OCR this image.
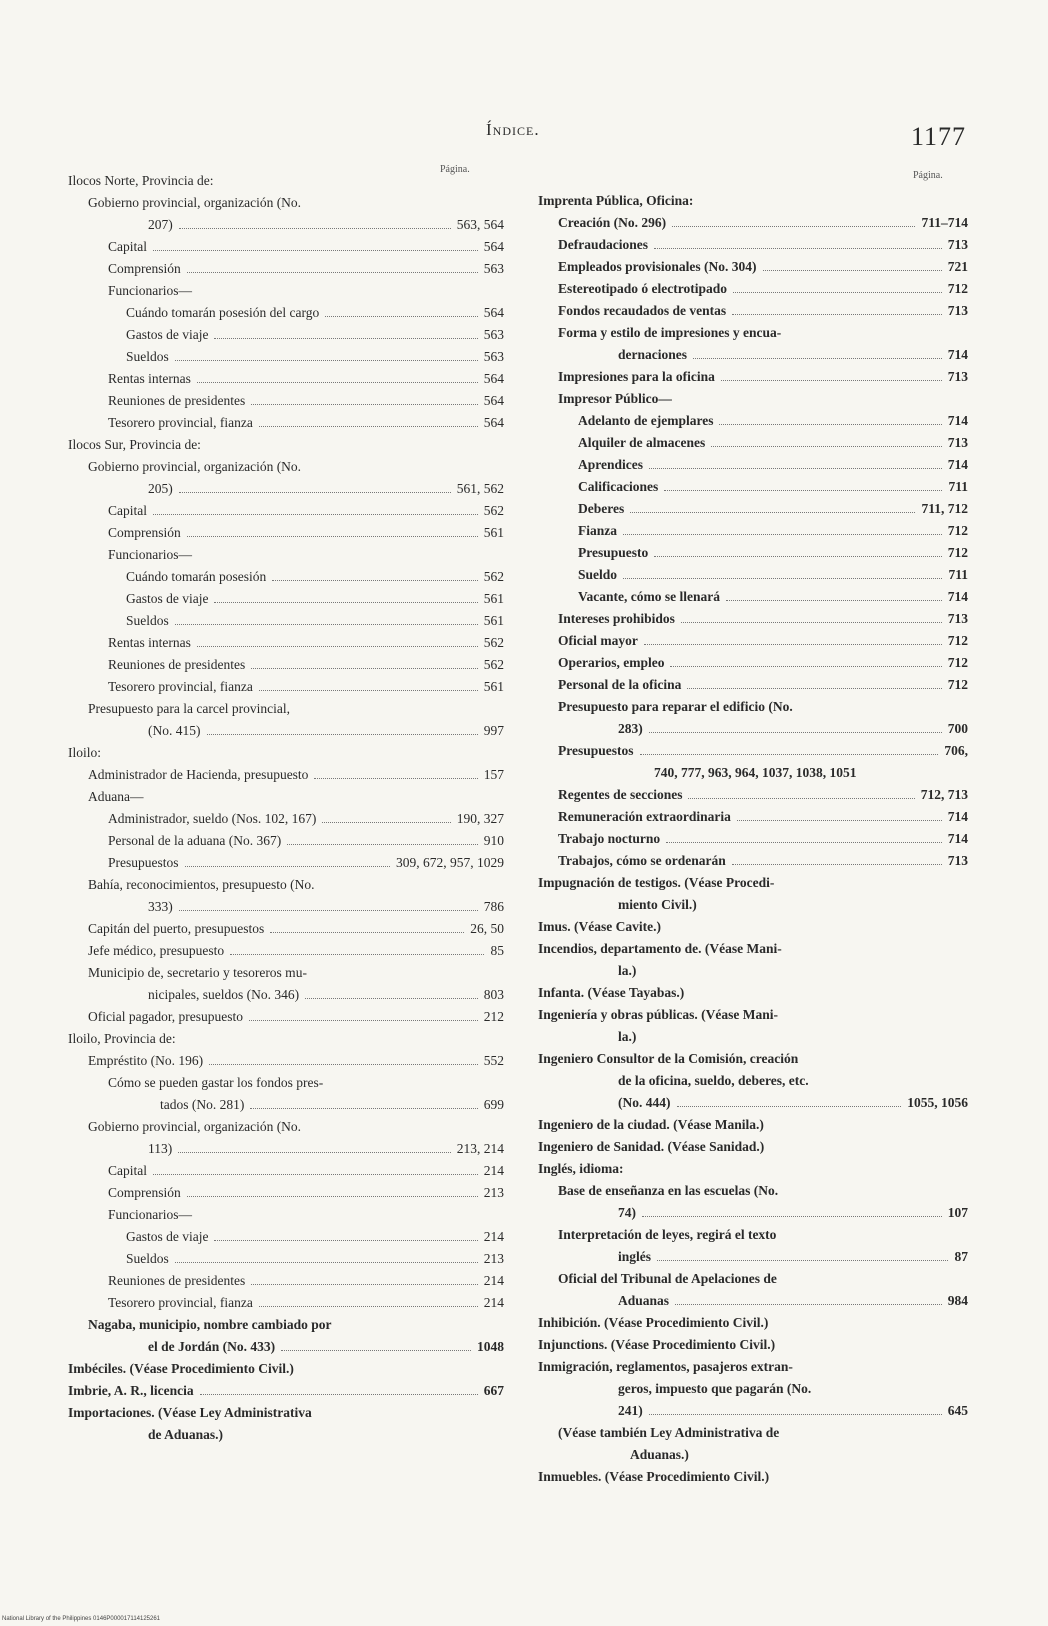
Índice.	1177
Página.
Página.
Ilocos Norte, Provincia de:
Gobierno provincial, organización (No.
207)	563, 564
Capital	564
Comprensión	563
Funcionarios—
Cuándo tomarán posesión del cargo	564
Gastos de viaje	563
Sueldos	563
Rentas internas	564
Reuniones de presidentes	564
Tesorero provincial, fianza	564
Ilocos Sur, Provincia de:
Gobierno provincial, organización (No.
205)	561, 562
Capital	562
Comprensión	561
Funcionarios—
Cuándo tomarán posesión	562
Gastos de viaje	561
Sueldos	561
Rentas internas	562
Reuniones de presidentes	562
Tesorero provincial, fianza	561
Presupuesto para la carcel provincial,
(No. 415)	997
Iloilo:
Administrador de Hacienda, presupuesto	157
Aduana—
Administrador, sueldo (Nos. 102, 167)	190, 327
Personal de la aduana (No. 367)	910
Presupuestos	309, 672, 957, 1029
Bahía, reconocimientos, presupuesto (No.
333)	786
Capitán del puerto, presupuestos	26, 50
Jefe médico, presupuesto	85
Municipio de, secretario y tesoreros mu-
nicipales, sueldos (No. 346)	803
Oficial pagador, presupuesto	212
Iloilo, Provincia de:
Empréstito (No. 196)	552
Cómo se pueden gastar los fondos pres-
tados (No. 281)	699
Gobierno provincial, organización (No.
113)	213, 214
Capital	214
Comprensión	213
Funcionarios—
Gastos de viaje	214
Sueldos	213
Reuniones de presidentes	214
Tesorero provincial, fianza	214
Nagaba, municipio, nombre cambiado por
el de Jordán (No. 433)	1048
Imbéciles. (Véase Procedimiento Civil.)
Imbrie, A. R., licencia	667
Importaciones. (Véase Ley Administrativa
de Aduanas.)
Imprenta Pública, Oficina:
Creación (No. 296)	711–714
Defraudaciones	713
Empleados provisionales (No. 304)	721
Estereotipado ó electrotipado	712
Fondos recaudados de ventas	713
Forma y estilo de impresiones y encua-
dernaciones	714
Impresiones para la oficina	713
Impresor Público—
Adelanto de ejemplares	714
Alquiler de almacenes	713
Aprendices	714
Calificaciones	711
Deberes	711, 712
Fianza	712
Presupuesto	712
Sueldo	711
Vacante, cómo se llenará	714
Intereses prohibidos	713
Oficial mayor	712
Operarios, empleo	712
Personal de la oficina	712
Presupuesto para reparar el edificio (No.
283)	700
Presupuestos	706,
740, 777, 963, 964, 1037, 1038, 1051
Regentes de secciones	712, 713
Remuneración extraordinaria	714
Trabajo nocturno	714
Trabajos, cómo se ordenarán	713
Impugnación de testigos. (Véase Procedi-
miento Civil.)
Imus. (Véase Cavite.)
Incendios, departamento de. (Véase Mani-
la.)
Infanta. (Véase Tayabas.)
Ingeniería y obras públicas. (Véase Mani-
la.)
Ingeniero Consultor de la Comisión, creación
de la oficina, sueldo, deberes, etc.
(No. 444)	1055, 1056
Ingeniero de la ciudad. (Véase Manila.)
Ingeniero de Sanidad. (Véase Sanidad.)
Inglés, idioma:
Base de enseñanza en las escuelas (No.
74)	107
Interpretación de leyes, regirá el texto
inglés	87
Oficial del Tribunal de Apelaciones de
Aduanas	984
Inhibición. (Véase Procedimiento Civil.)
Injunctions. (Véase Procedimiento Civil.)
Inmigración, reglamentos, pasajeros extran-
geros, impuesto que pagarán (No.
241)	645
(Véase también Ley Administrativa de
Aduanas.)
Inmuebles. (Véase Procedimiento Civil.)
National Library of the Philippines 0146P000017114125261
